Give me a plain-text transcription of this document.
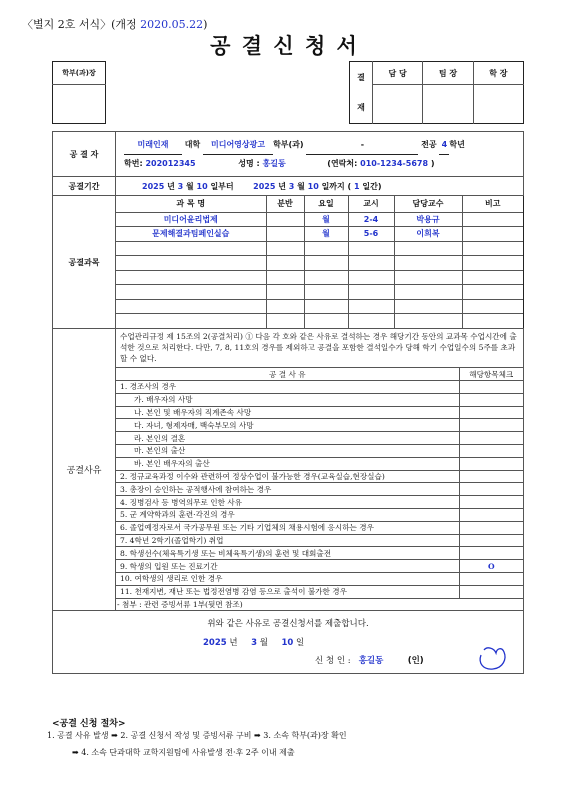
〈별지 2호 서식〉(개정 2020.05.22)
공 결 신 청 서
학부(과)장	결
재	담 당	팀 장	학 장

공 결 자	
미래인재 대학 미디어영상광고 학부(과)	-	전공 4 학년
학번: 202012345	성명 : 홍길동	(연락처: 010-1234-5678 )

공결기간	2025 년 3 월 10 일부터 2025 년 3 월 10 일까지 ( 1 일간)
공결과목	
과 목 명	분반	요일	교시	담당교수	비고
미디어윤리법제		월	2-4	박용규	
문제해결과팀페인실습		월	5-6	이희복	

공결사유	
수업관리규정 제 15조의 2(공결처리) ① 다음 각 호와 같은 사유로 결석하는 경우 해당기간 동안의 교과목 수업시간에 출석한 것으로 처리한다. 다만, 7, 8, 11호의 경우를 제외하고 공결을 포함한 결석일수가 당해 학기 수업일수의 5주를 초과할 수 없다.
공 결 사 유	해당항목체크
1. 경조사의 경우	
가. 배우자의 사망	
나. 본인 및 배우자의 직계존속 사망	
다. 자녀, 형제자매, 백숙부모의 사망	
라. 본인의 결혼	
마. 본인의 출산	
바. 본인 배우자의 출산	
2. 정규교육과정 이수와 관련하여 정상수업이 불가능한 경우(교육실습,현장실습)	
3. 총장이 승인하는 공적행사에 참여하는 경우	
4. 징병검사 등 병역의무로 인한 사유	
5. 군 계약학과의 훈련·각진의 경우	
6. 졸업예정자로서 국가공무원 또는 기타 기업체의 채용시험에 응시하는 경우	
7. 4학년 2학기(졸업학기) 취업	
8. 학생선수(체육특기생 또는 비체육특기생)의 훈련 및 대회출전	
9. 학생의 입원 또는 진료기간	O
10. 여학생의 생리로 인한 경우	
11. 천재지변, 재난 또는 법정전염병 감염 등으로 출석이 불가한 경우	
- 첨부 : 관련 증빙서류 1부(뒷면 참조)

위와 같은 사유로 공결신청서를 제출합니다.
2025 년 3 월 10 일
신 청 인 : 홍길동	(인)
<공결 신청 절차>
1. 공결 사유 발생 ➡ 2. 공결 신청서 작성 및 증빙서류 구비 ➡ 3. 소속 학부(과)장 확인
➡ 4. 소속 단과대학 교학지원팀에 사유발생 전·후 2주 이내 제출
